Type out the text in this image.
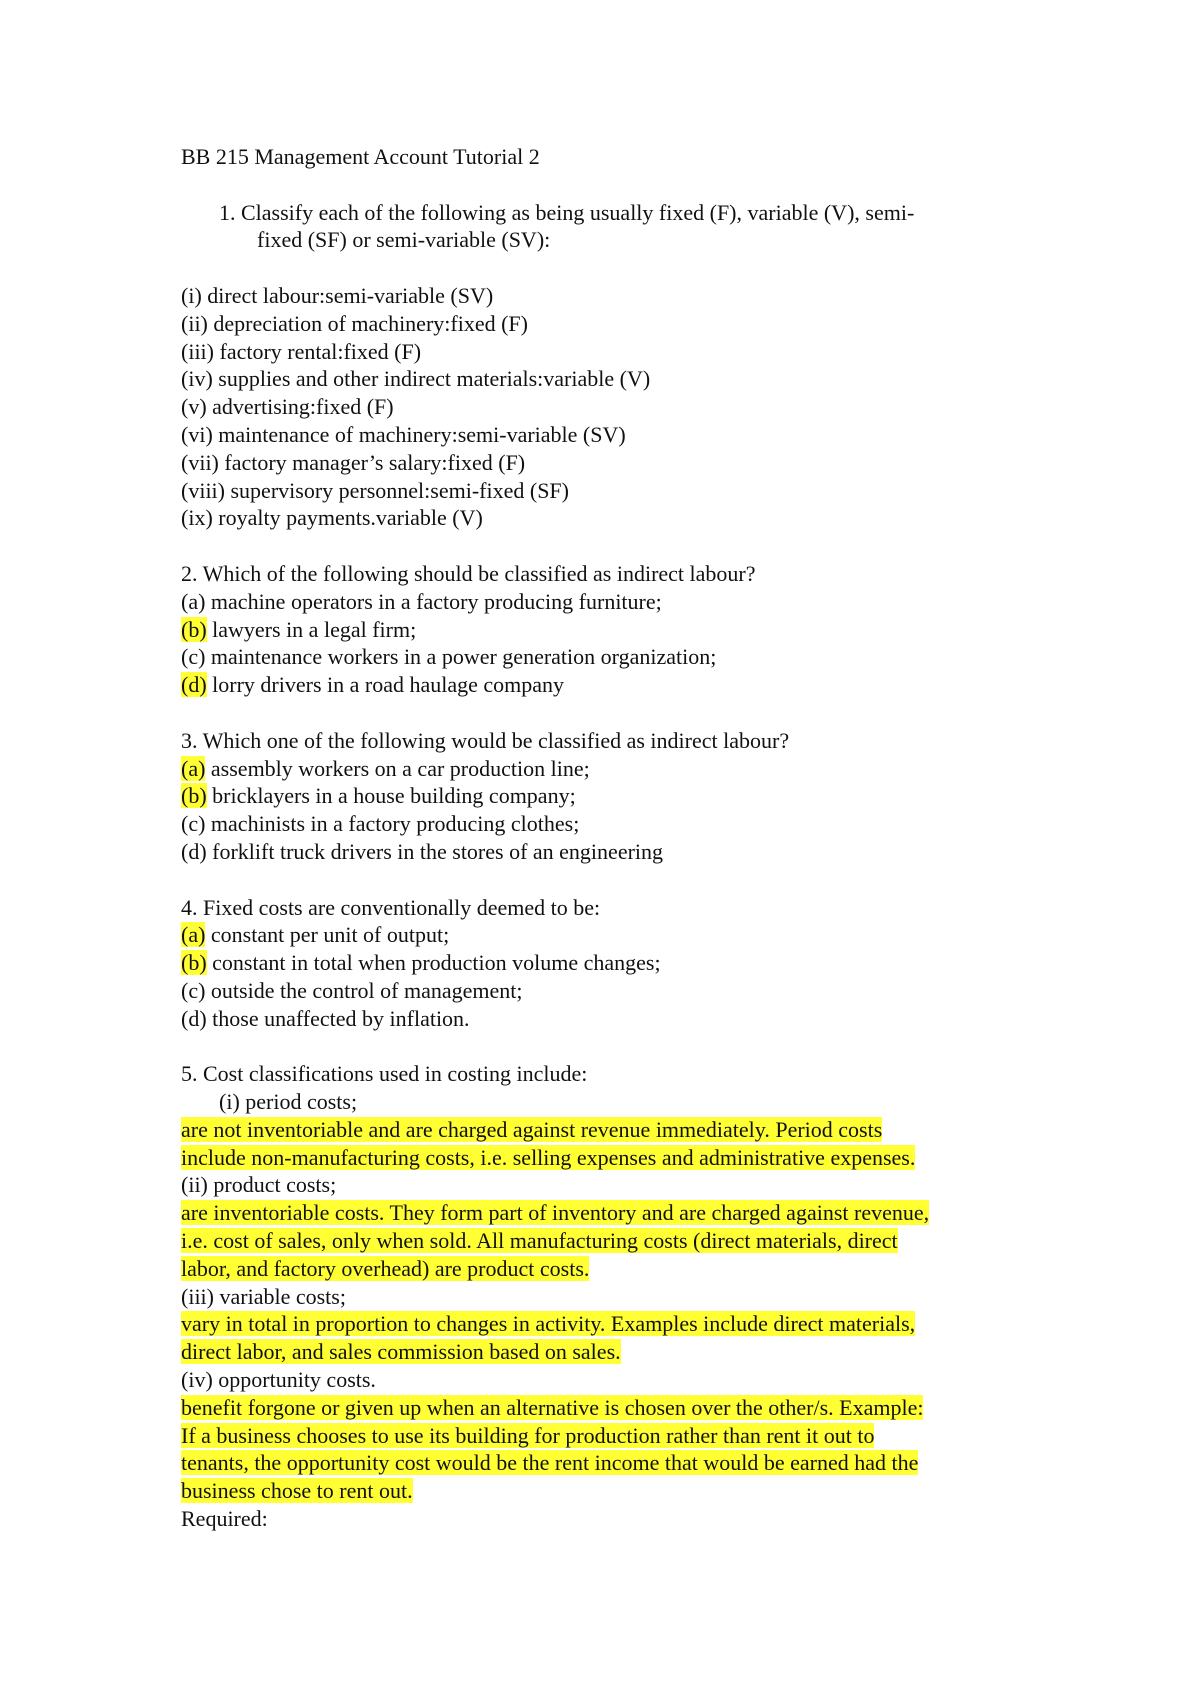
BB 215 Management Account Tutorial 2
1. Classify each of the following as being usually fixed (F), variable (V), semi-
fixed (SF) or semi-variable (SV):
(i) direct labour:semi-variable (SV)
(ii) depreciation of machinery:fixed (F)
(iii) factory rental:fixed (F)
(iv) supplies and other indirect materials:variable (V)
(v) advertising:fixed (F)
(vi) maintenance of machinery:semi-variable (SV)
(vii) factory manager’s salary:fixed (F)
(viii) supervisory personnel:semi-fixed (SF)
(ix) royalty payments.variable (V)
2. Which of the following should be classified as indirect labour?
(a) machine operators in a factory producing furniture;
(b) lawyers in a legal firm;
(c) maintenance workers in a power generation organization;
(d) lorry drivers in a road haulage company
3. Which one of the following would be classified as indirect labour?
(a) assembly workers on a car production line;
(b) bricklayers in a house building company;
(c) machinists in a factory producing clothes;
(d) forklift truck drivers in the stores of an engineering
4. Fixed costs are conventionally deemed to be:
(a) constant per unit of output;
(b) constant in total when production volume changes;
(c) outside the control of management;
(d) those unaffected by inflation.
5. Cost classifications used in costing include:
(i) period costs;
are not inventoriable and are charged against revenue immediately. Period costs
include non-manufacturing costs, i.e. selling expenses and administrative expenses.
(ii) product costs;
are inventoriable costs. They form part of inventory and are charged against revenue,
i.e. cost of sales, only when sold. All manufacturing costs (direct materials, direct
labor, and factory overhead) are product costs.
(iii) variable costs;
vary in total in proportion to changes in activity. Examples include direct materials,
direct labor, and sales commission based on sales.
(iv) opportunity costs.
benefit forgone or given up when an alternative is chosen over the other/s. Example:
If a business chooses to use its building for production rather than rent it out to
tenants, the opportunity cost would be the rent income that would be earned had the
business chose to rent out.
Required:
